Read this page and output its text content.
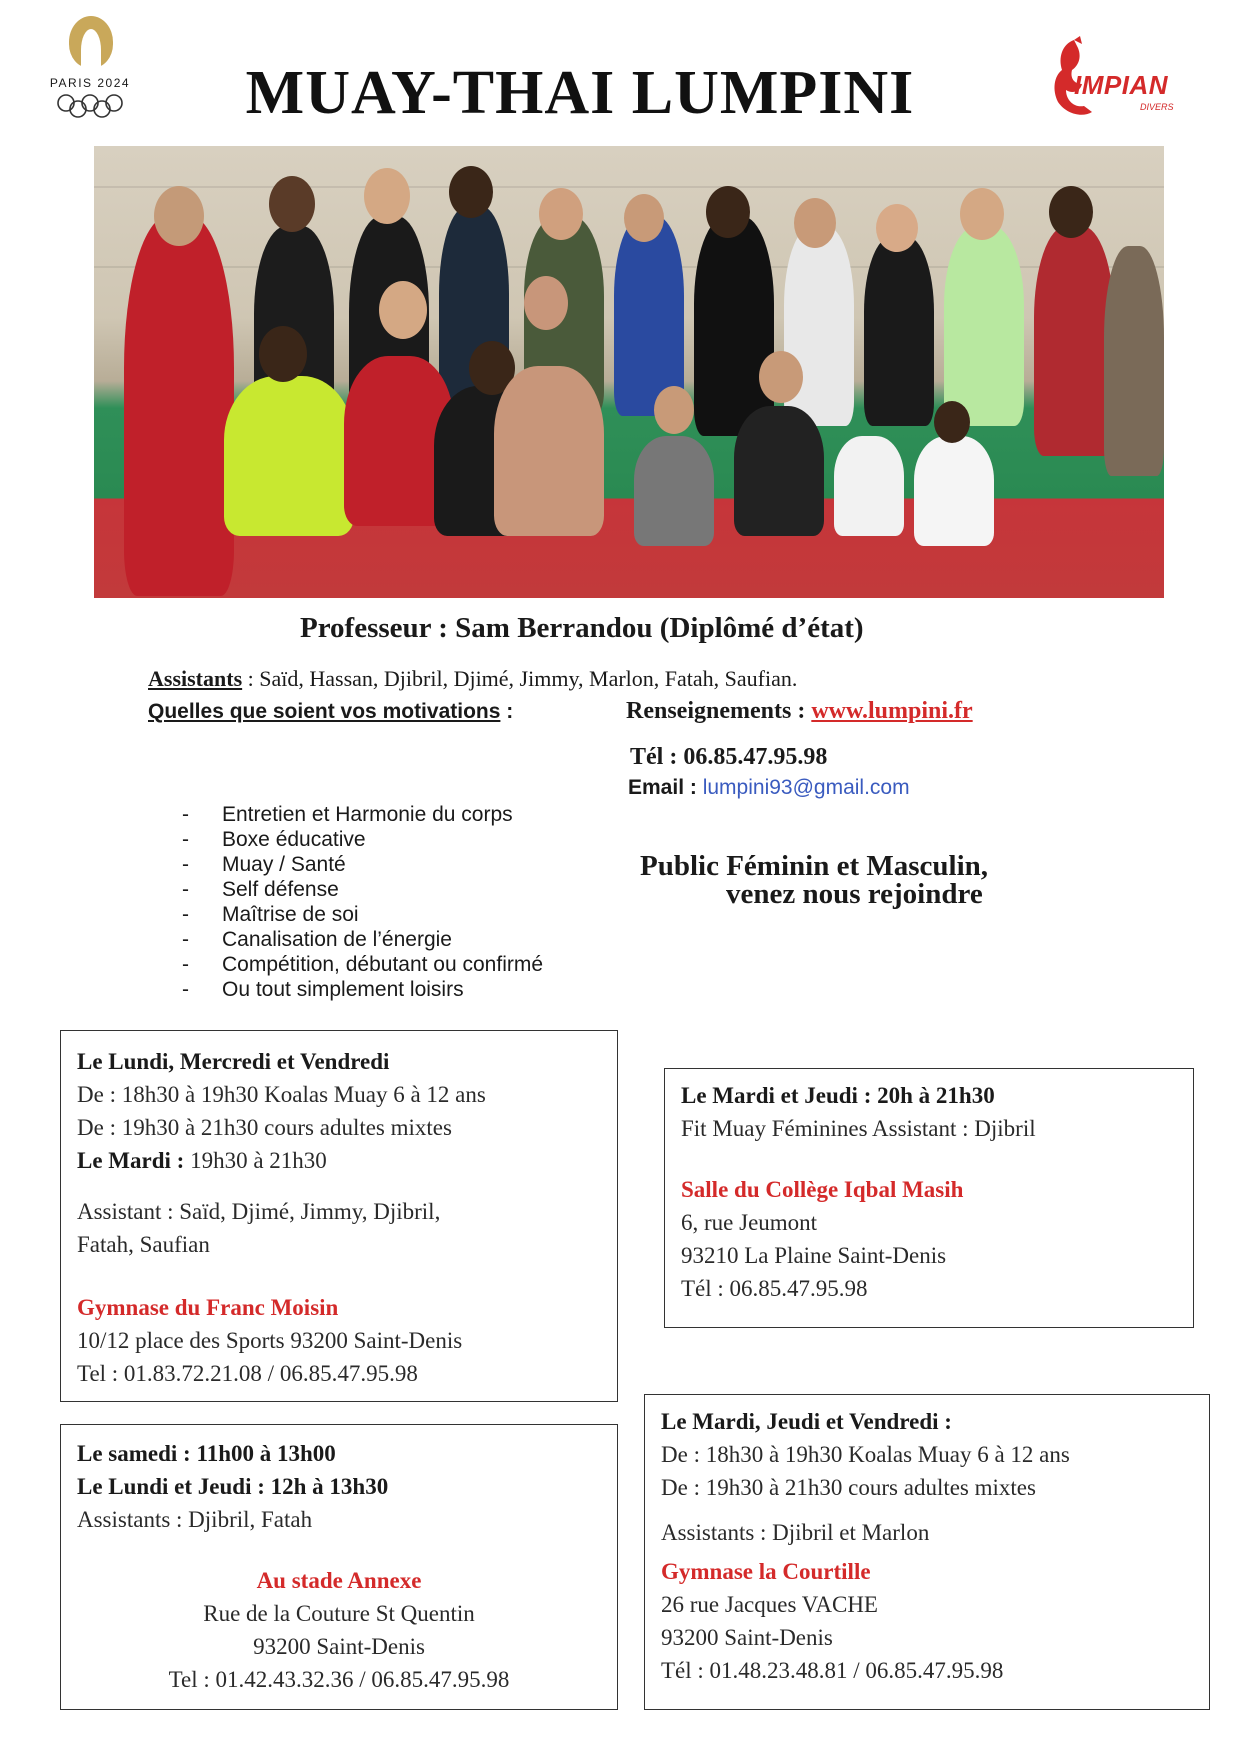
PARIS 2024	MUAY-THAI LUMPINI	IMPIAN
DIVERS
Professeur : Sam Berrandou (Diplômé d’état)
Assistants : Saïd, Hassan, Djibril, Djimé, Jimmy, Marlon, Fatah, Saufian.
Quelles que soient vos motivations :	Renseignements : www.lumpini.fr
Tél : 06.85.47.95.98
Email : lumpini93@gmail.com
- Entretien et Harmonie du corps
- Boxe éducative
- Muay / Santé
- Self défense
- Maîtrise de soi
- Canalisation de l’énergie
- Compétition, débutant ou confirmé
- Ou tout simplement loisirs
Public Féminin et Masculin,
venez nous rejoindre
Le Lundi, Mercredi et Vendredi
De : 18h30 à 19h30 Koalas Muay 6 à 12 ans
De : 19h30 à 21h30 cours adultes mixtes
Le Mardi : 19h30 à 21h30
Assistant : Saïd, Djimé, Jimmy, Djibril,
Fatah, Saufian
Gymnase du Franc Moisin
10/12 place des Sports 93200 Saint-Denis
Tel : 01.83.72.21.08 / 06.85.47.95.98
Le Mardi et Jeudi : 20h à 21h30
Fit Muay Féminines Assistant : Djibril
Salle du Collège Iqbal Masih
6, rue Jeumont
93210 La Plaine Saint-Denis
Tél : 06.85.47.95.98
Le samedi : 11h00 à 13h00
Le Lundi et Jeudi : 12h à 13h30
Assistants : Djibril, Fatah
Au stade Annexe
Rue de la Couture St Quentin
93200 Saint-Denis
Tel : 01.42.43.32.36 / 06.85.47.95.98
Le Mardi, Jeudi et Vendredi :
De : 18h30 à 19h30 Koalas Muay 6 à 12 ans
De : 19h30 à 21h30 cours adultes mixtes
Assistants : Djibril et Marlon
Gymnase la Courtille
26 rue Jacques VACHE
93200 Saint-Denis
Tél : 01.48.23.48.81 / 06.85.47.95.98
